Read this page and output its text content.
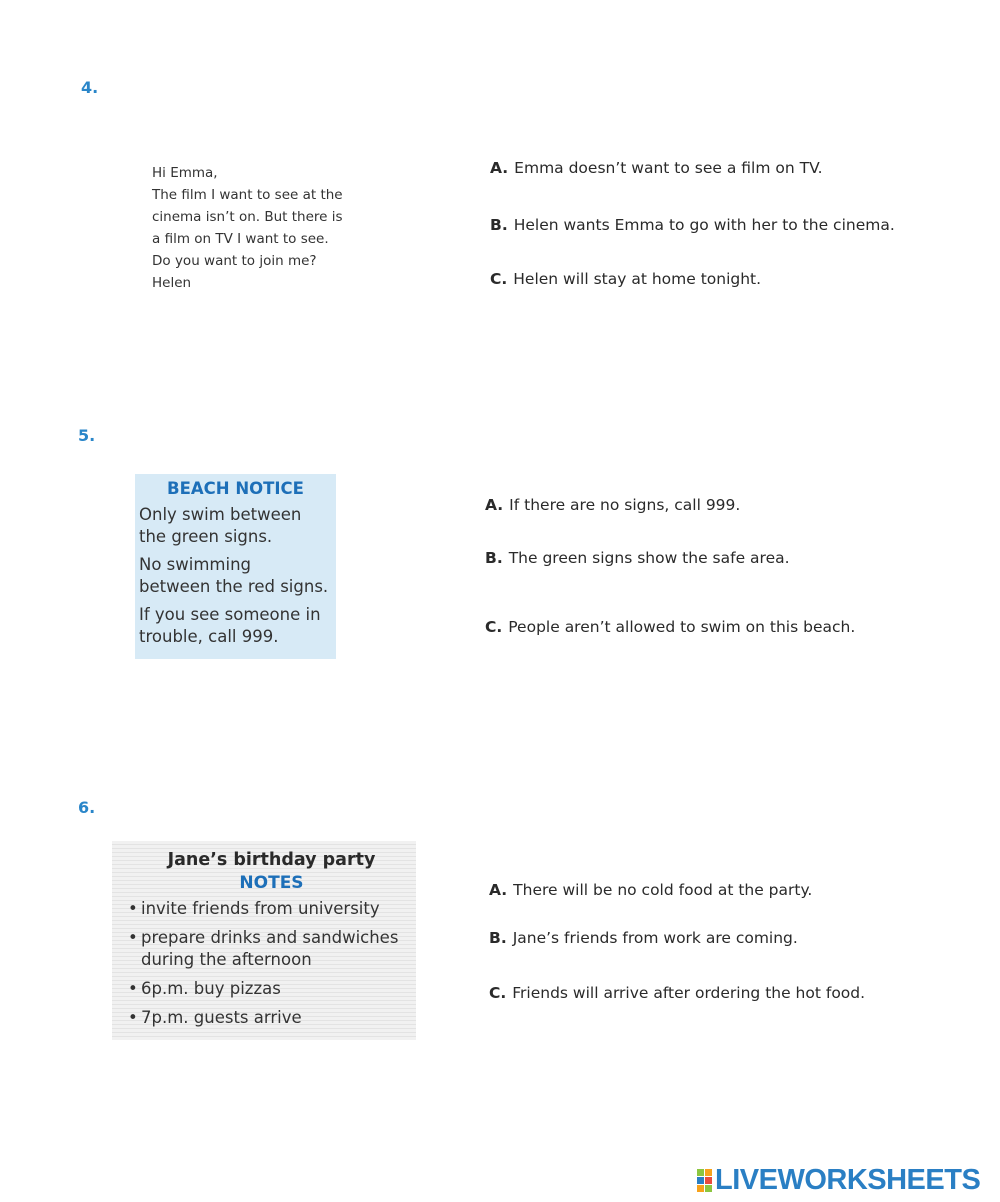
4.
Hi Emma,
The film I want to see at the
cinema isn’t on. But there is
a film on TV I want to see.
Do you want to join me?
Helen
A. Emma doesn’t want to see a film on TV.
B. Helen wants Emma to go with her to the cinema.
C. Helen will stay at home tonight.
5.
BEACH NOTICE
Only swim between
the green signs.
No swimming
between the red signs.
If you see someone in
trouble, call 999.
A. If there are no signs, call 999.
B. The green signs show the safe area.
C. People aren’t allowed to swim on this beach.
6.
Jane’s birthday party
NOTES
• invite friends from university
• prepare drinks and sandwiches
during the afternoon
• 6p.m. buy pizzas
• 7p.m. guests arrive
A. There will be no cold food at the party.
B. Jane’s friends from work are coming.
C. Friends will arrive after ordering the hot food.
LIVEWORKSHEETS
